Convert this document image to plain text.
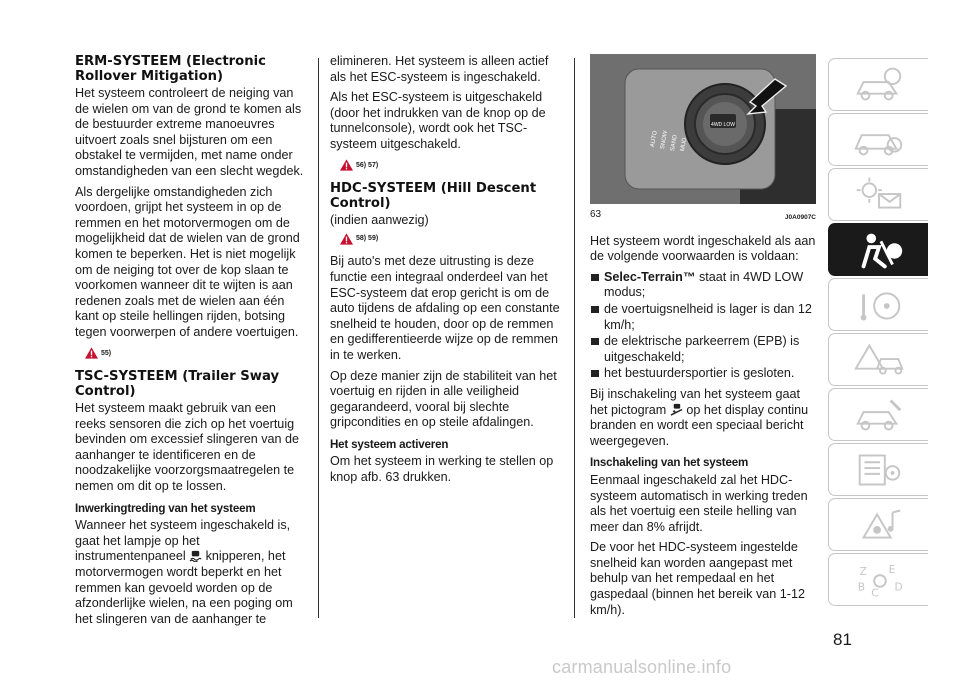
ERM-SYSTEEM (Electronic Rollover Mitigation)

Het systeem controleert de neiging van de wielen om van de grond te komen als de bestuurder extreme manoeuvres uitvoert zoals snel bijsturen om een obstakel te vermijden, met name onder omstandigheden van een slecht wegdek.

Als dergelijke omstandigheden zich voordoen, grijpt het systeem in op de remmen en het motorvermogen om de mogelijkheid dat de wielen van de grond komen te beperken. Het is niet mogelijk om de neiging tot over de kop slaan te voorkomen wanneer dit te wijten is aan redenen zoals met de wielen aan één kant op steile hellingen rijden, botsing tegen voorwerpen of andere voertuigen.

55)
TSC-SYSTEEM (Trailer Sway Control)

Het systeem maakt gebruik van een reeks sensoren die zich op het voertuig bevinden om excessief slingeren van de aanhanger te identificeren en de noodzakelijke voorzorgsmaatregelen te nemen om dit op te lossen.

Inwerkingtreding van het systeem

Wanneer het systeem ingeschakeld is, gaat het lampje op het instrumentenpaneel knipperen, het motorvermogen wordt beperkt en het remmen kan gevoeld worden op de afzonderlijke wielen, na een poging om het slingeren van de aanhanger te

elimineren. Het systeem is alleen actief als het ESC-systeem is ingeschakeld.

Als het ESC-systeem is uitgeschakeld (door het indrukken van de knop op de tunnelconsole), wordt ook het TSC-systeem uitgeschakeld.

56) 57)
HDC-SYSTEEM (Hill Descent Control)

(indien aanwezig)

58) 59)

Bij auto's met deze uitrusting is deze functie een integraal onderdeel van het ESC-systeem dat erop gericht is om de auto tijdens de afdaling op een constante snelheid te houden, door op de remmen en gedifferentieerde wijze op de remmen in te werken.

Op deze manier zijn de stabiliteit van het voertuig en rijden in alle veiligheid gegarandeerd, vooral bij slechte gripcondities en op steile afdalingen.

Het systeem activeren

Om het systeem in werking te stellen op knop afb. 63 drukken.

AUTO SNOW SAND MUD
4WD LOW
63	J0A0907C

Het systeem wordt ingeschakeld als aan de volgende voorwaarden is voldaan:

Selec-Terrain™ staat in 4WD LOW modus;
de voertuigsnelheid is lager is dan 12 km/h;
de elektrische parkeerrem (EPB) is uitgeschakeld;
het bestuurdersportier is gesloten.

Bij inschakeling van het systeem gaat het pictogram op het display continu branden en wordt een speciaal bericht weergegeven.

Inschakeling van het systeem

Eenmaal ingeschakeld zal het HDC-systeem automatisch in werking treden als het voertuig een steile helling van meer dan 8% afrijdt.

De voor het HDC-systeem ingestelde snelheid kan worden aangepast met behulp van het rempedaal en het gaspedaal (binnen het bereik van 1-12 km/h).

Z E
B C D
81
carmanualsonline.info
